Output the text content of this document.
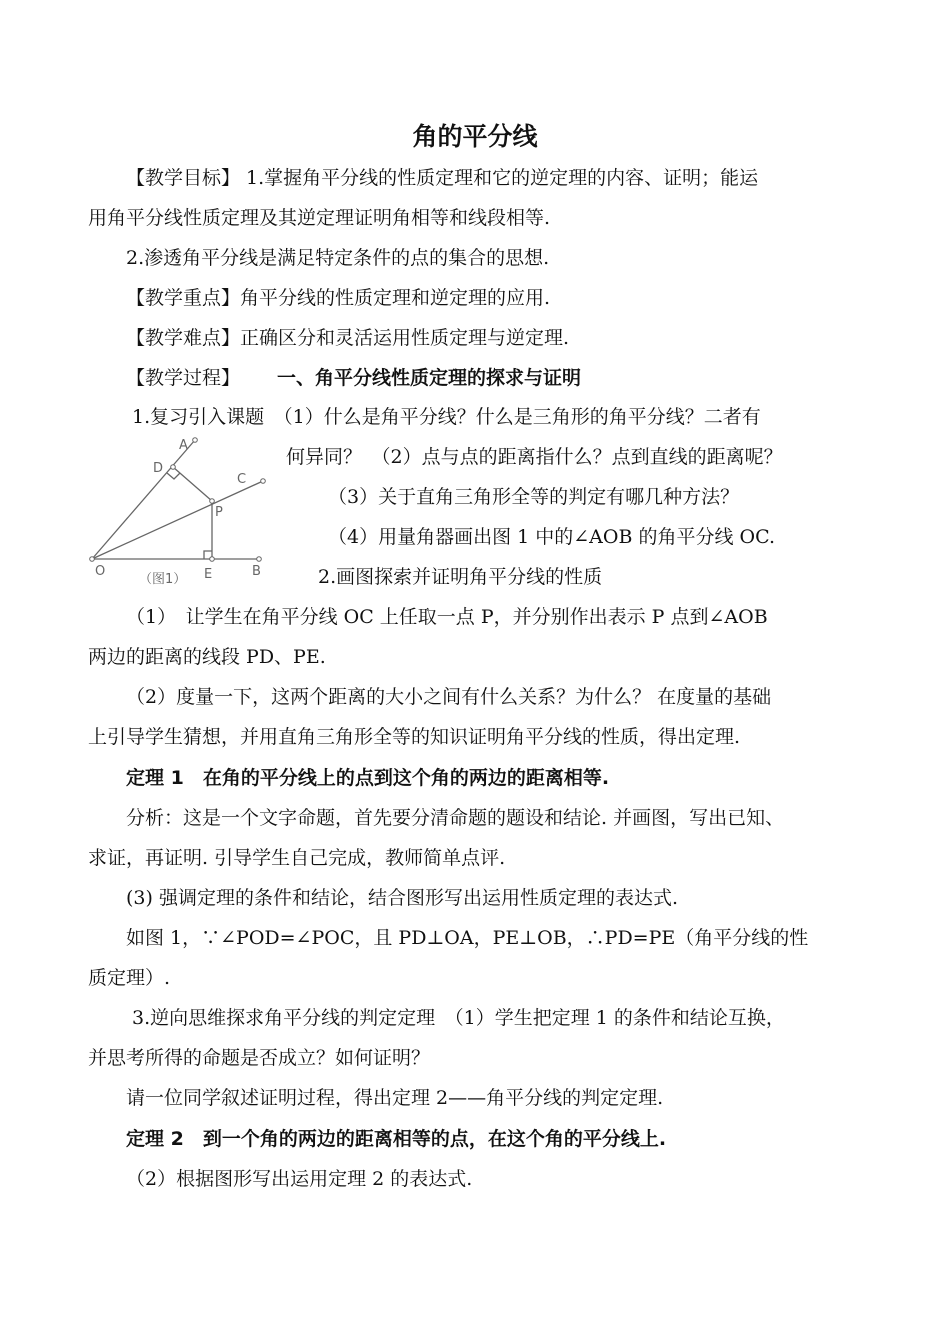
角的平分线
【教学目标】 1.掌握角平分线的性质定理和它的逆定理的内容、证明；能运
用角平分线性质定理及其逆定理证明角相等和线段相等.
2.渗透角平分线是满足特定条件的点的集合的思想.
【教学重点】角平分线的性质定理和逆定理的应用.
【教学难点】正确区分和灵活运用性质定理与逆定理.
【教学过程】 一、角平分线性质定理的探求与证明
1.复习引入课题　（1）什么是角平分线？什么是三角形的角平分线？二者有
A
D
C
P
O	E	B
（图1）
何异同？　（2）点与点的距离指什么？点到直线的距离呢？
（3）关于直角三角形全等的判定有哪几种方法？
（4）用量角器画出图 1 中的∠AOB 的角平分线 OC.
2.画图探索并证明角平分线的性质
（1）　让学生在角平分线 OC 上任取一点 P，并分别作出表示 P 点到∠AOB
两边的距离的线段 PD、PE.
（2）度量一下，这两个距离的大小之间有什么关系？为什么？ 在度量的基础
上引导学生猜想，并用直角三角形全等的知识证明角平分线的性质，得出定理.
定理 1　在角的平分线上的点到这个角的两边的距离相等.
分析：这是一个文字命题，首先要分清命题的题设和结论. 并画图，写出已知、
求证，再证明. 引导学生自己完成，教师简单点评.
(3) 强调定理的条件和结论，结合图形写出运用性质定理的表达式.
如图 1，∵∠POD=∠POC，且 PD⊥OA，PE⊥OB，∴PD=PE（角平分线的性
质定理）.
3.逆向思维探求角平分线的判定定理　（1）学生把定理 1 的条件和结论互换，
并思考所得的命题是否成立？如何证明？
请一位同学叙述证明过程，得出定理 2——角平分线的判定定理.
定理 2　到一个角的两边的距离相等的点，在这个角的平分线上.
（2）根据图形写出运用定理 2 的表达式.
